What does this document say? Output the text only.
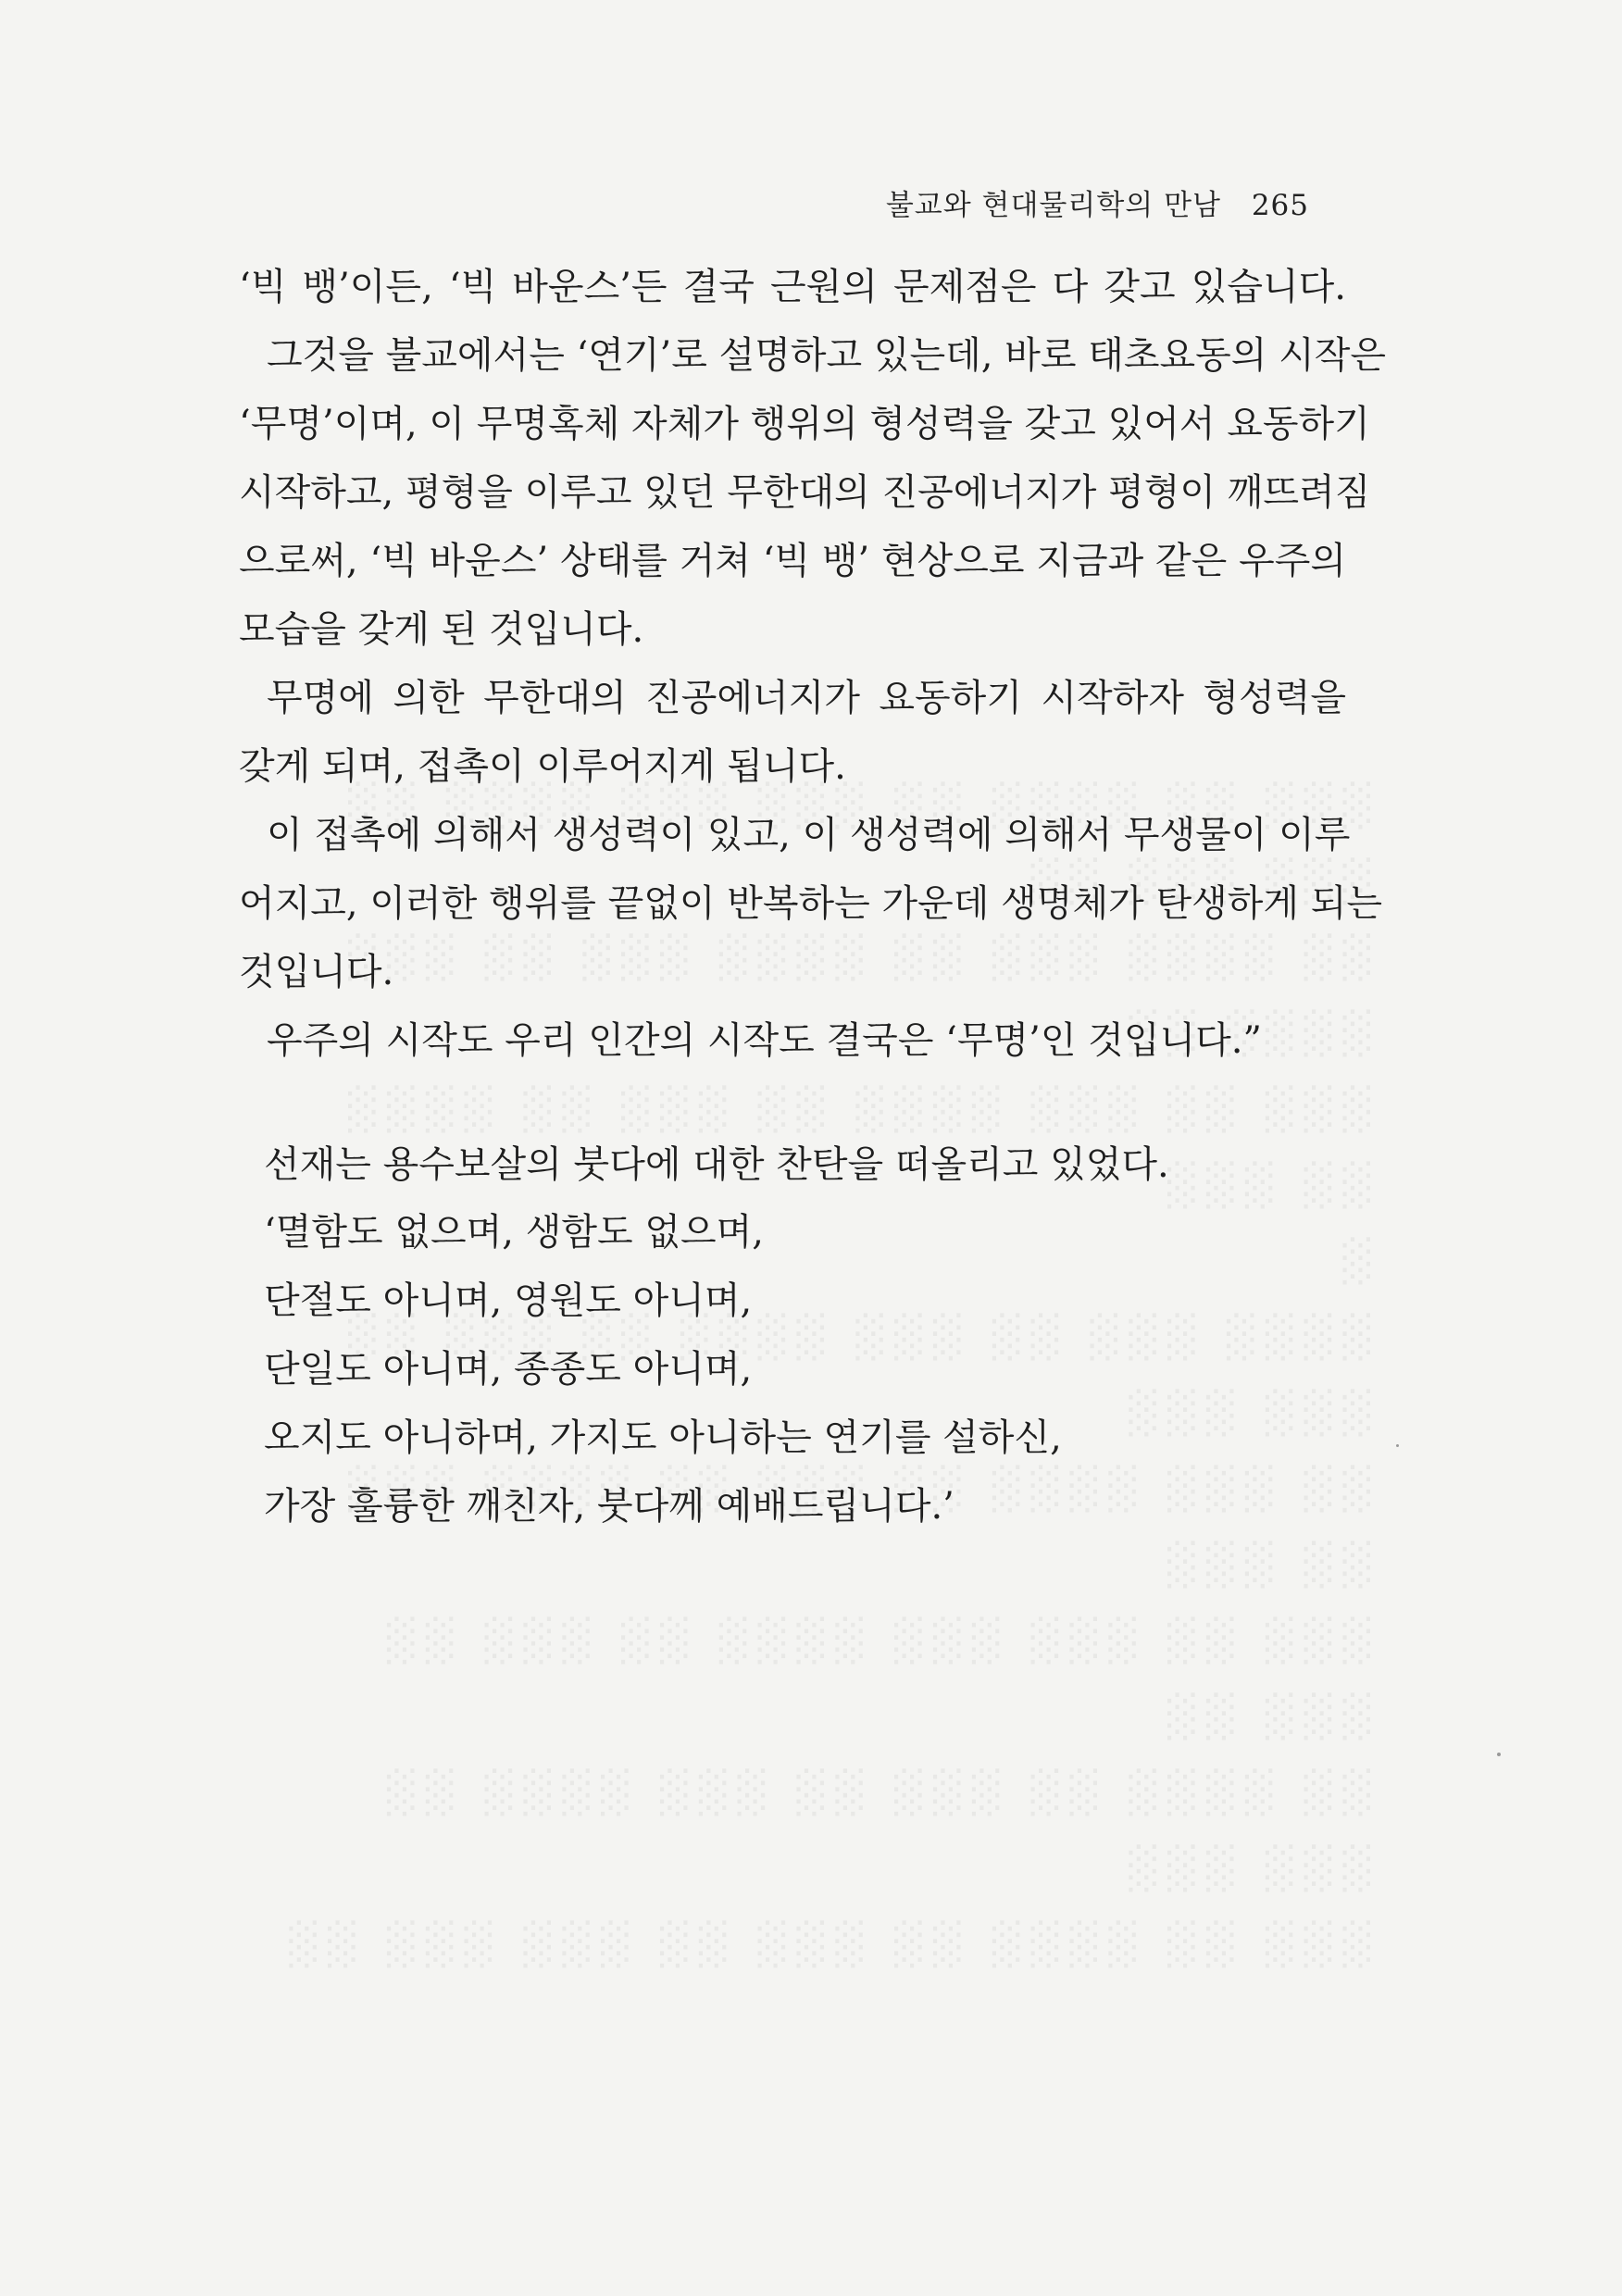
불교와 현대물리학의 만남 265
‘빅 뱅’이든, ‘빅 바운스’든 결국 근원의 문제점은 다 갖고 있습니다.
그것을 불교에서는 ‘연기’로 설명하고 있는데, 바로 태초요동의 시작은
‘무명’이며, 이 무명혹체 자체가 행위의 형성력을 갖고 있어서 요동하기
시작하고, 평형을 이루고 있던 무한대의 진공에너지가 평형이 깨뜨려짐
으로써, ‘빅 바운스’ 상태를 거쳐 ‘빅 뱅’ 현상으로 지금과 같은 우주의
모습을 갖게 된 것입니다.
무명에 의한 무한대의 진공에너지가 요동하기 시작하자 형성력을
갖게 되며, 접촉이 이루어지게 됩니다.
이 접촉에 의해서 생성력이 있고, 이 생성력에 의해서 무생물이 이루
어지고, 이러한 행위를 끝없이 반복하는 가운데 생명체가 탄생하게 되는
것입니다.
우주의 시작도 우리 인간의 시작도 결국은 ‘무명’인 것입니다.”
선재는 용수보살의 붓다에 대한 찬탄을 떠올리고 있었다.
‘멸함도 없으며, 생함도 없으며,
단절도 아니며, 영원도 아니며,
단일도 아니며, 종종도 아니며,
오지도 아니하며, 가지도 아니하는 연기를 설하신,
가장 훌륭한 깨친자, 붓다께 예배드립니다.’
